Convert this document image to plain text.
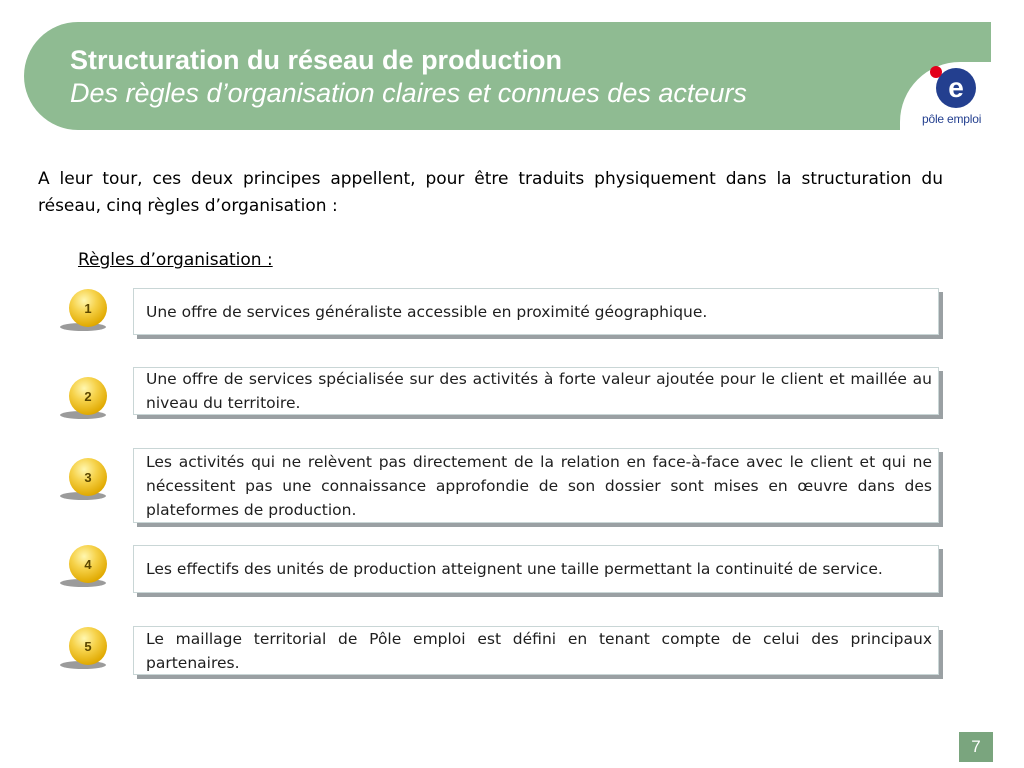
Structuration du réseau de production
Des règles d’organisation claires et connues des acteurs	e
pôle emploi
A leur tour, ces deux principes appellent, pour être traduits physiquement dans la structuration du réseau, cinq règles d’organisation :
Règles d’organisation :
1	Une offre de services généraliste accessible en proximité géographique.
2
Une offre de services spécialisée sur des activités à forte valeur ajoutée pour le client et maillée au niveau du territoire.
3
Les activités qui ne relèvent pas directement de la relation en face-à-face avec le client et qui ne nécessitent pas une connaissance approfondie de son dossier sont mises en œuvre dans des plateformes de production.
4	Les effectifs des unités de production atteignent une taille permettant la continuité de service.
5	Le maillage territorial de Pôle emploi est défini en tenant compte de celui des principaux partenaires.
7
